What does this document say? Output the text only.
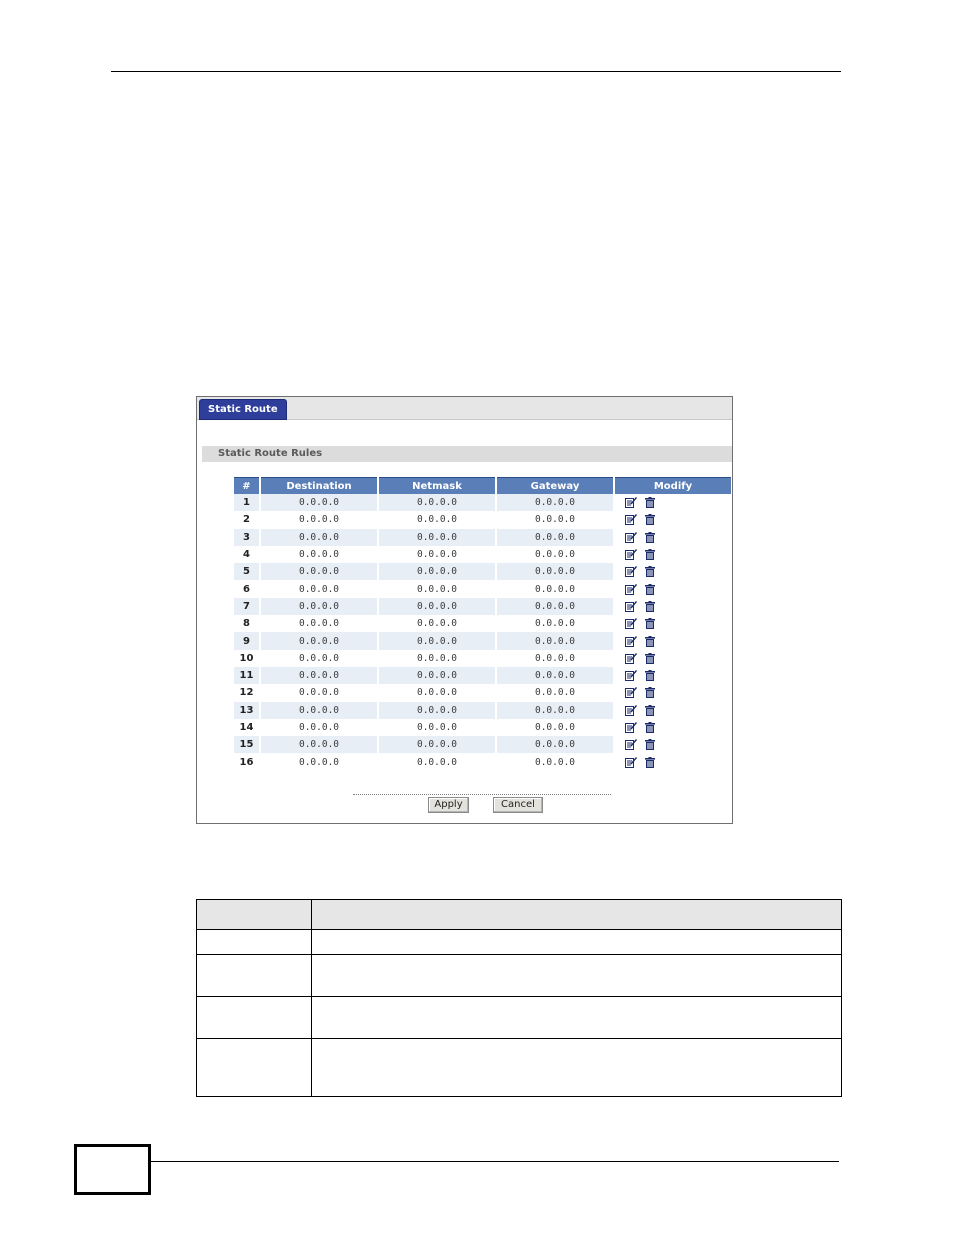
Static Route
Static Route Rules
#	Destination	Netmask	Gateway	Modify
1	0.0.0.0	0.0.0.0	0.0.0.0	
2	0.0.0.0	0.0.0.0	0.0.0.0	
3	0.0.0.0	0.0.0.0	0.0.0.0	
4	0.0.0.0	0.0.0.0	0.0.0.0	
5	0.0.0.0	0.0.0.0	0.0.0.0	
6	0.0.0.0	0.0.0.0	0.0.0.0	
7	0.0.0.0	0.0.0.0	0.0.0.0	
8	0.0.0.0	0.0.0.0	0.0.0.0	
9	0.0.0.0	0.0.0.0	0.0.0.0	
10	0.0.0.0	0.0.0.0	0.0.0.0	
11	0.0.0.0	0.0.0.0	0.0.0.0	
12	0.0.0.0	0.0.0.0	0.0.0.0	
13	0.0.0.0	0.0.0.0	0.0.0.0	
14	0.0.0.0	0.0.0.0	0.0.0.0	
15	0.0.0.0	0.0.0.0	0.0.0.0	
16	0.0.0.0	0.0.0.0	0.0.0.0	
Apply	Cancel
